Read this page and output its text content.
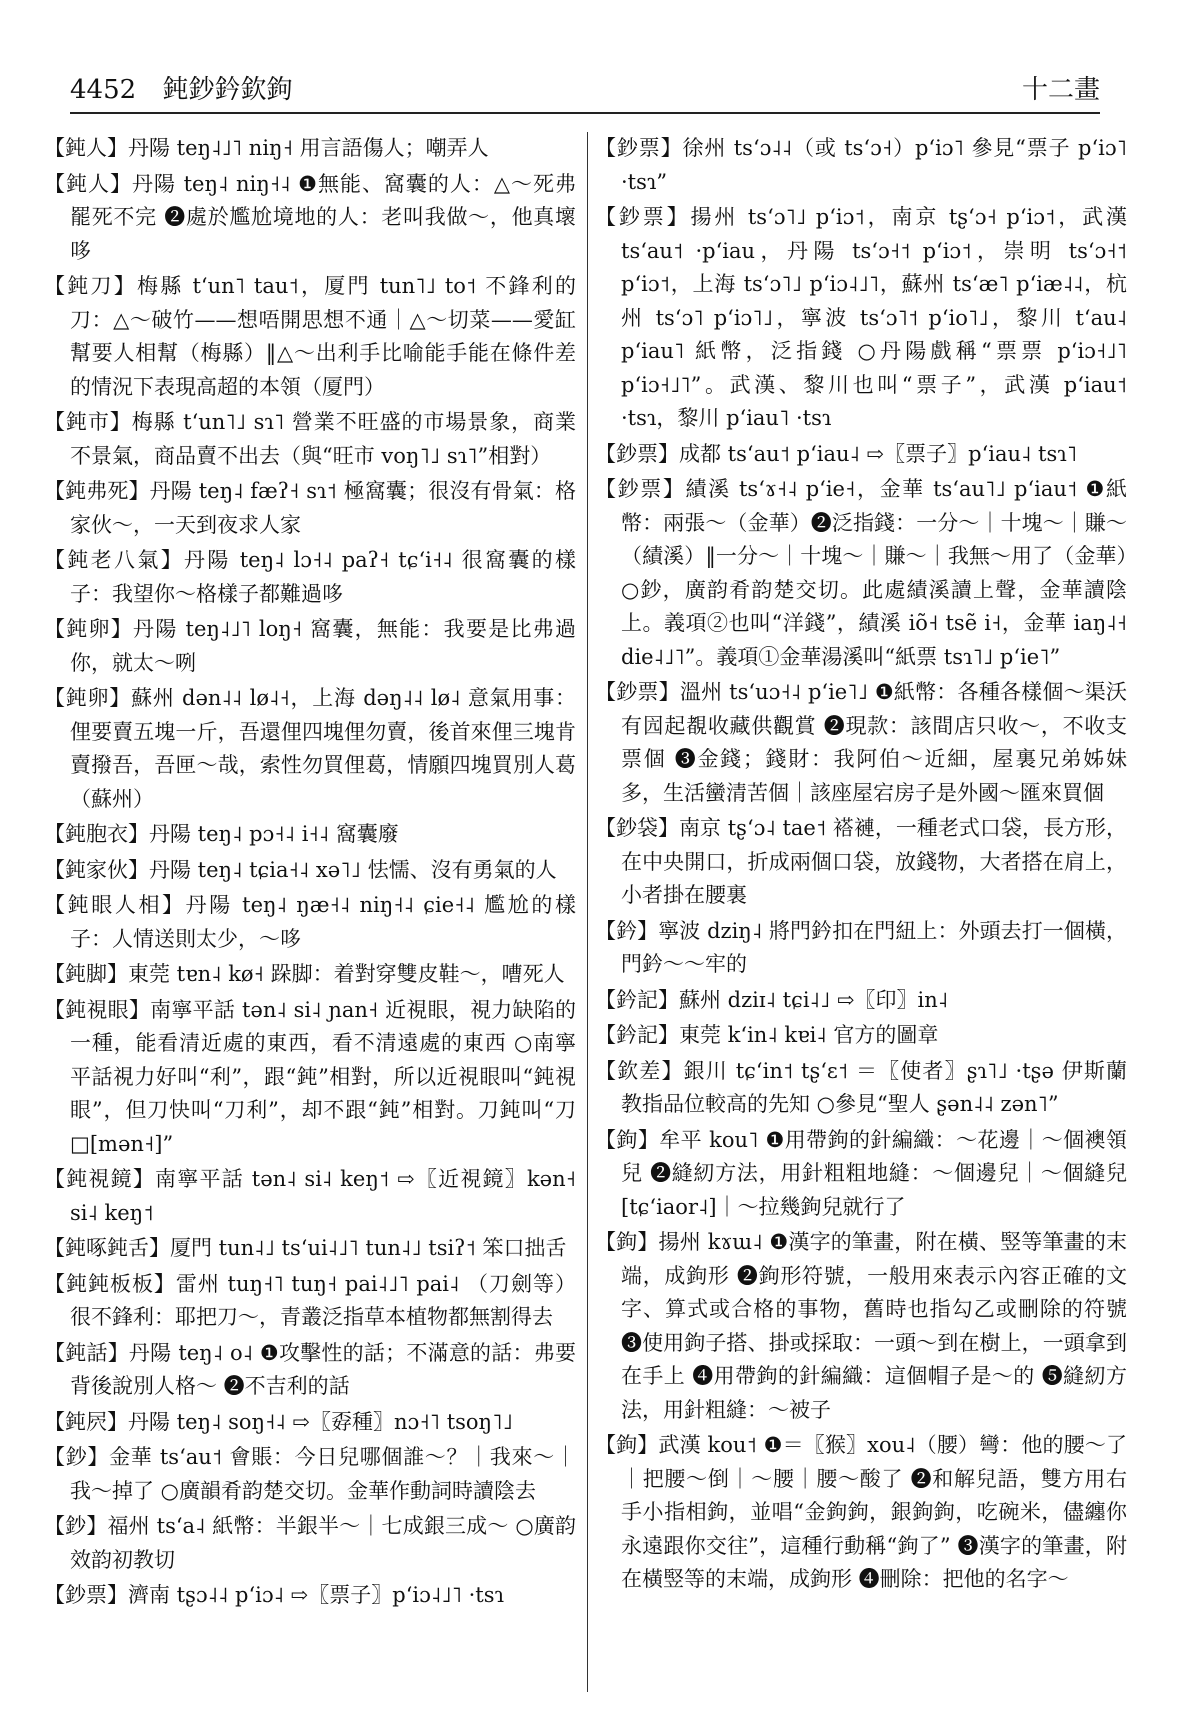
4452 鈍鈔鈐欽鉤	十二畫

【鈍人】丹陽 teŋ˨˩˥ niŋ˧ 用言語傷人；嘲弄人

【鈍人】丹陽 teŋ˨ niŋ˧˨ ❶無能、窩囊的人：△～死弗罷死不完 ❷處於尷尬境地的人：老叫我做～，他真壞哆

【鈍刀】梅縣 tʻun˥ tau˦，厦門 tun˥˩ to˦ 不鋒利的刀：△～破竹——想唔開思想不通｜△～切菜——愛缸幫要人相幫（梅縣）‖△～出利手比喻能手能在條件差的情況下表現高超的本領（厦門）

【鈍市】梅縣 tʻun˥˩ sɿ˥ 營業不旺盛的市場景象，商業不景氣，商品賣不出去（與“旺市 voŋ˥˩ sɿ˥”相對）

【鈍弗死】丹陽 teŋ˨ fæʔ˧ sɿ˦ 極窩囊；很沒有骨氣：格家伙～，一天到夜求人家

【鈍老八氣】丹陽 teŋ˨ lɔ˧˨ paʔ˧ tɕʻi˧˨ 很窩囊的樣子：我望你～格樣子都難過哆

【鈍卵】丹陽 teŋ˨˩˥ loŋ˧ 窩囊，無能：我要是比弗過你，就太～咧

【鈍卵】蘇州 dən˨˨ lø˨˧，上海 dəŋ˨˨ lø˨ 意氣用事：俚要賣五塊一斤，吾還俚四塊俚勿賣，後首來俚三塊肯賣撥吾，吾匣～哉，索性勿買俚葛，情願四塊買別人葛（蘇州）

【鈍胞衣】丹陽 teŋ˨ pɔ˧˨ i˧˨ 窩囊廢

【鈍家伙】丹陽 teŋ˨ tɕia˧˨ xə˥˩ 怯懦、沒有勇氣的人

【鈍眼人相】丹陽 teŋ˨ ŋæ˧˨ niŋ˧˨ ɕie˧˨ 尷尬的樣子：人情送則太少，～哆

【鈍脚】東莞 tɐn˨ kø˧ 跺脚：着對穿雙皮鞋～，嘈死人

【鈍視眼】南寧平話 tən˨ si˨ ɲan˧ 近視眼，視力缺陷的一種，能看清近處的東西，看不清遠處的東西 ○南寧平話視力好叫“利”，跟“鈍”相對，所以近視眼叫“鈍視眼”，但刀快叫“刀利”，却不跟“鈍”相對。刀鈍叫“刀□[mən˧]”

【鈍視鏡】南寧平話 tən˨ si˨ keŋ˦ ⇨〖近視鏡〗kən˧ si˨ keŋ˦

【鈍啄鈍舌】厦門 tun˨˩ tsʻui˨˩˥ tun˨˩ tsiʔ˦ 笨口拙舌

【鈍鈍板板】雷州 tuŋ˧˥ tuŋ˧ pai˨˩˥ pai˨ （刀劍等）很不鋒利：耶把刀～，青叢泛指草本植物都無割得去

【鈍話】丹陽 teŋ˨ o˨ ❶攻擊性的話；不滿意的話：弗要背後說別人格～ ❷不吉利的話

【鈍屄】丹陽 teŋ˨ soŋ˧˨ ⇨〖孬種〗nɔ˧˥ tsoŋ˥˩

【鈔】金華 tsʻau˦ 會賬：今日兒哪個誰～？｜我來～｜我～掉了 ○廣韻肴韵楚交切。金華作動詞時讀陰去

【鈔】福州 tsʻa˨ 紙幣：半銀半～｜七成銀三成～ ○廣韵效韵初教切

【鈔票】濟南 tʂɔ˨˨ pʻiɔ˨ ⇨〖票子〗pʻiɔ˨˩˥ ·tsɿ

【鈔票】徐州 tsʻɔ˨˨（或 tsʻɔ˧）pʻiɔ˥ 參見“票子 pʻiɔ˥ ·tsɿ”

【鈔票】揚州 tsʻɔ˥˩ pʻiɔ˦，南京 tʂʻɔ˧ pʻiɔ˦，武漢 tsʻau˦ ·pʻiau，丹陽 tsʻɔ˧˦ pʻiɔ˦，崇明 tsʻɔ˧˦ pʻiɔ˦，上海 tsʻɔ˥˩ pʻiɔ˨˩˥，蘇州 tsʻæ˥ pʻiæ˨˨，杭州 tsʻɔ˥ pʻiɔ˥˩，寧波 tsʻɔ˥˦ pʻio˥˩，黎川 tʻau˨ pʻiau˥ 紙幣，泛指錢 ○丹陽戲稱“票票 pʻiɔ˧˩˥ pʻiɔ˧˩˥”。武漢、黎川也叫“票子”，武漢 pʻiau˦ ·tsɿ，黎川 pʻiau˥ ·tsɿ

【鈔票】成都 tsʻau˦ pʻiau˨ ⇨〖票子〗pʻiau˨ tsɿ˥

【鈔票】績溪 tsʻɤ˧˨ pʻie˧，金華 tsʻau˥˩ pʻiau˦ ❶紙幣：兩張～（金華）❷泛指錢：一分～｜十塊～｜賺～（績溪）‖一分～｜十塊～｜賺～｜我無～用了（金華）○鈔，廣韵肴韵楚交切。此處績溪讀上聲，金華讀陰上。義項②也叫“洋錢”，績溪 iõ˧ tsẽ i˧，金華 iaŋ˨˧ die˨˩˥”。義項①金華湯溪叫“紙票 tsɿ˥˩ pʻie˥”

【鈔票】溫州 tsʻuɔ˧˨ pʻie˥˩ ❶紙幣：各種各樣個～渠沃有囥起覩收藏供觀賞 ❷現款：該間店只收～，不收支票個 ❸金錢；錢財：我阿伯～近細，屋裏兄弟姊妹多，生活蠻清苦個｜該座屋宕房子是外國～匯來買個

【鈔袋】南京 tʂʻɔ˨ tae˦ 褡褳，一種老式口袋，長方形，在中央開口，折成兩個口袋，放錢物，大者搭在肩上，小者掛在腰裏

【鈐】寧波 dziŋ˨ 將門鈐扣在門紐上：外頭去打一個橫，門鈐～～牢的

【鈐記】蘇州 dziɪ˨ tɕi˨˩ ⇨〖印〗in˨

【鈐記】東莞 kʻin˨ kɐi˨ 官方的圖章

【欽差】銀川 tɕʻin˦ tʂʻɛ˦ ＝〖使者〗ʂɿ˥˩ ·tʂə 伊斯蘭教指品位較高的先知 ○參見“聖人 ʂən˨˨ zən˥”

【鉤】牟平 kou˥ ❶用帶鉤的針編織：～花邊｜～個襖領兒 ❷縫紉方法，用針粗粗地縫：～個邊兒｜～個縫兒[tɕʻiaor˨]｜～拉幾鉤兒就行了

【鉤】揚州 kɤɯ˨ ❶漢字的筆畫，附在橫、竪等筆畫的末端，成鉤形 ❷鉤形符號，一般用來表示內容正確的文字、算式或合格的事物，舊時也指勾乙或刪除的符號 ❸使用鉤子搭、掛或採取：一頭～到在樹上，一頭拿到在手上 ❹用帶鉤的針編織：這個帽子是～的 ❺縫紉方法，用針粗縫：～被子

【鉤】武漢 kou˦ ❶＝〖猴〗xou˨（腰）彎：他的腰～了｜把腰～倒｜～腰｜腰～酸了 ❷和解兒語，雙方用右手小指相鉤，並唱“金鉤鉤，銀鉤鉤，吃碗米，儘纏你永遠跟你交往”，這種行動稱“鉤了” ❸漢字的筆畫，附在橫竪等的末端，成鉤形 ❹刪除：把他的名字～
